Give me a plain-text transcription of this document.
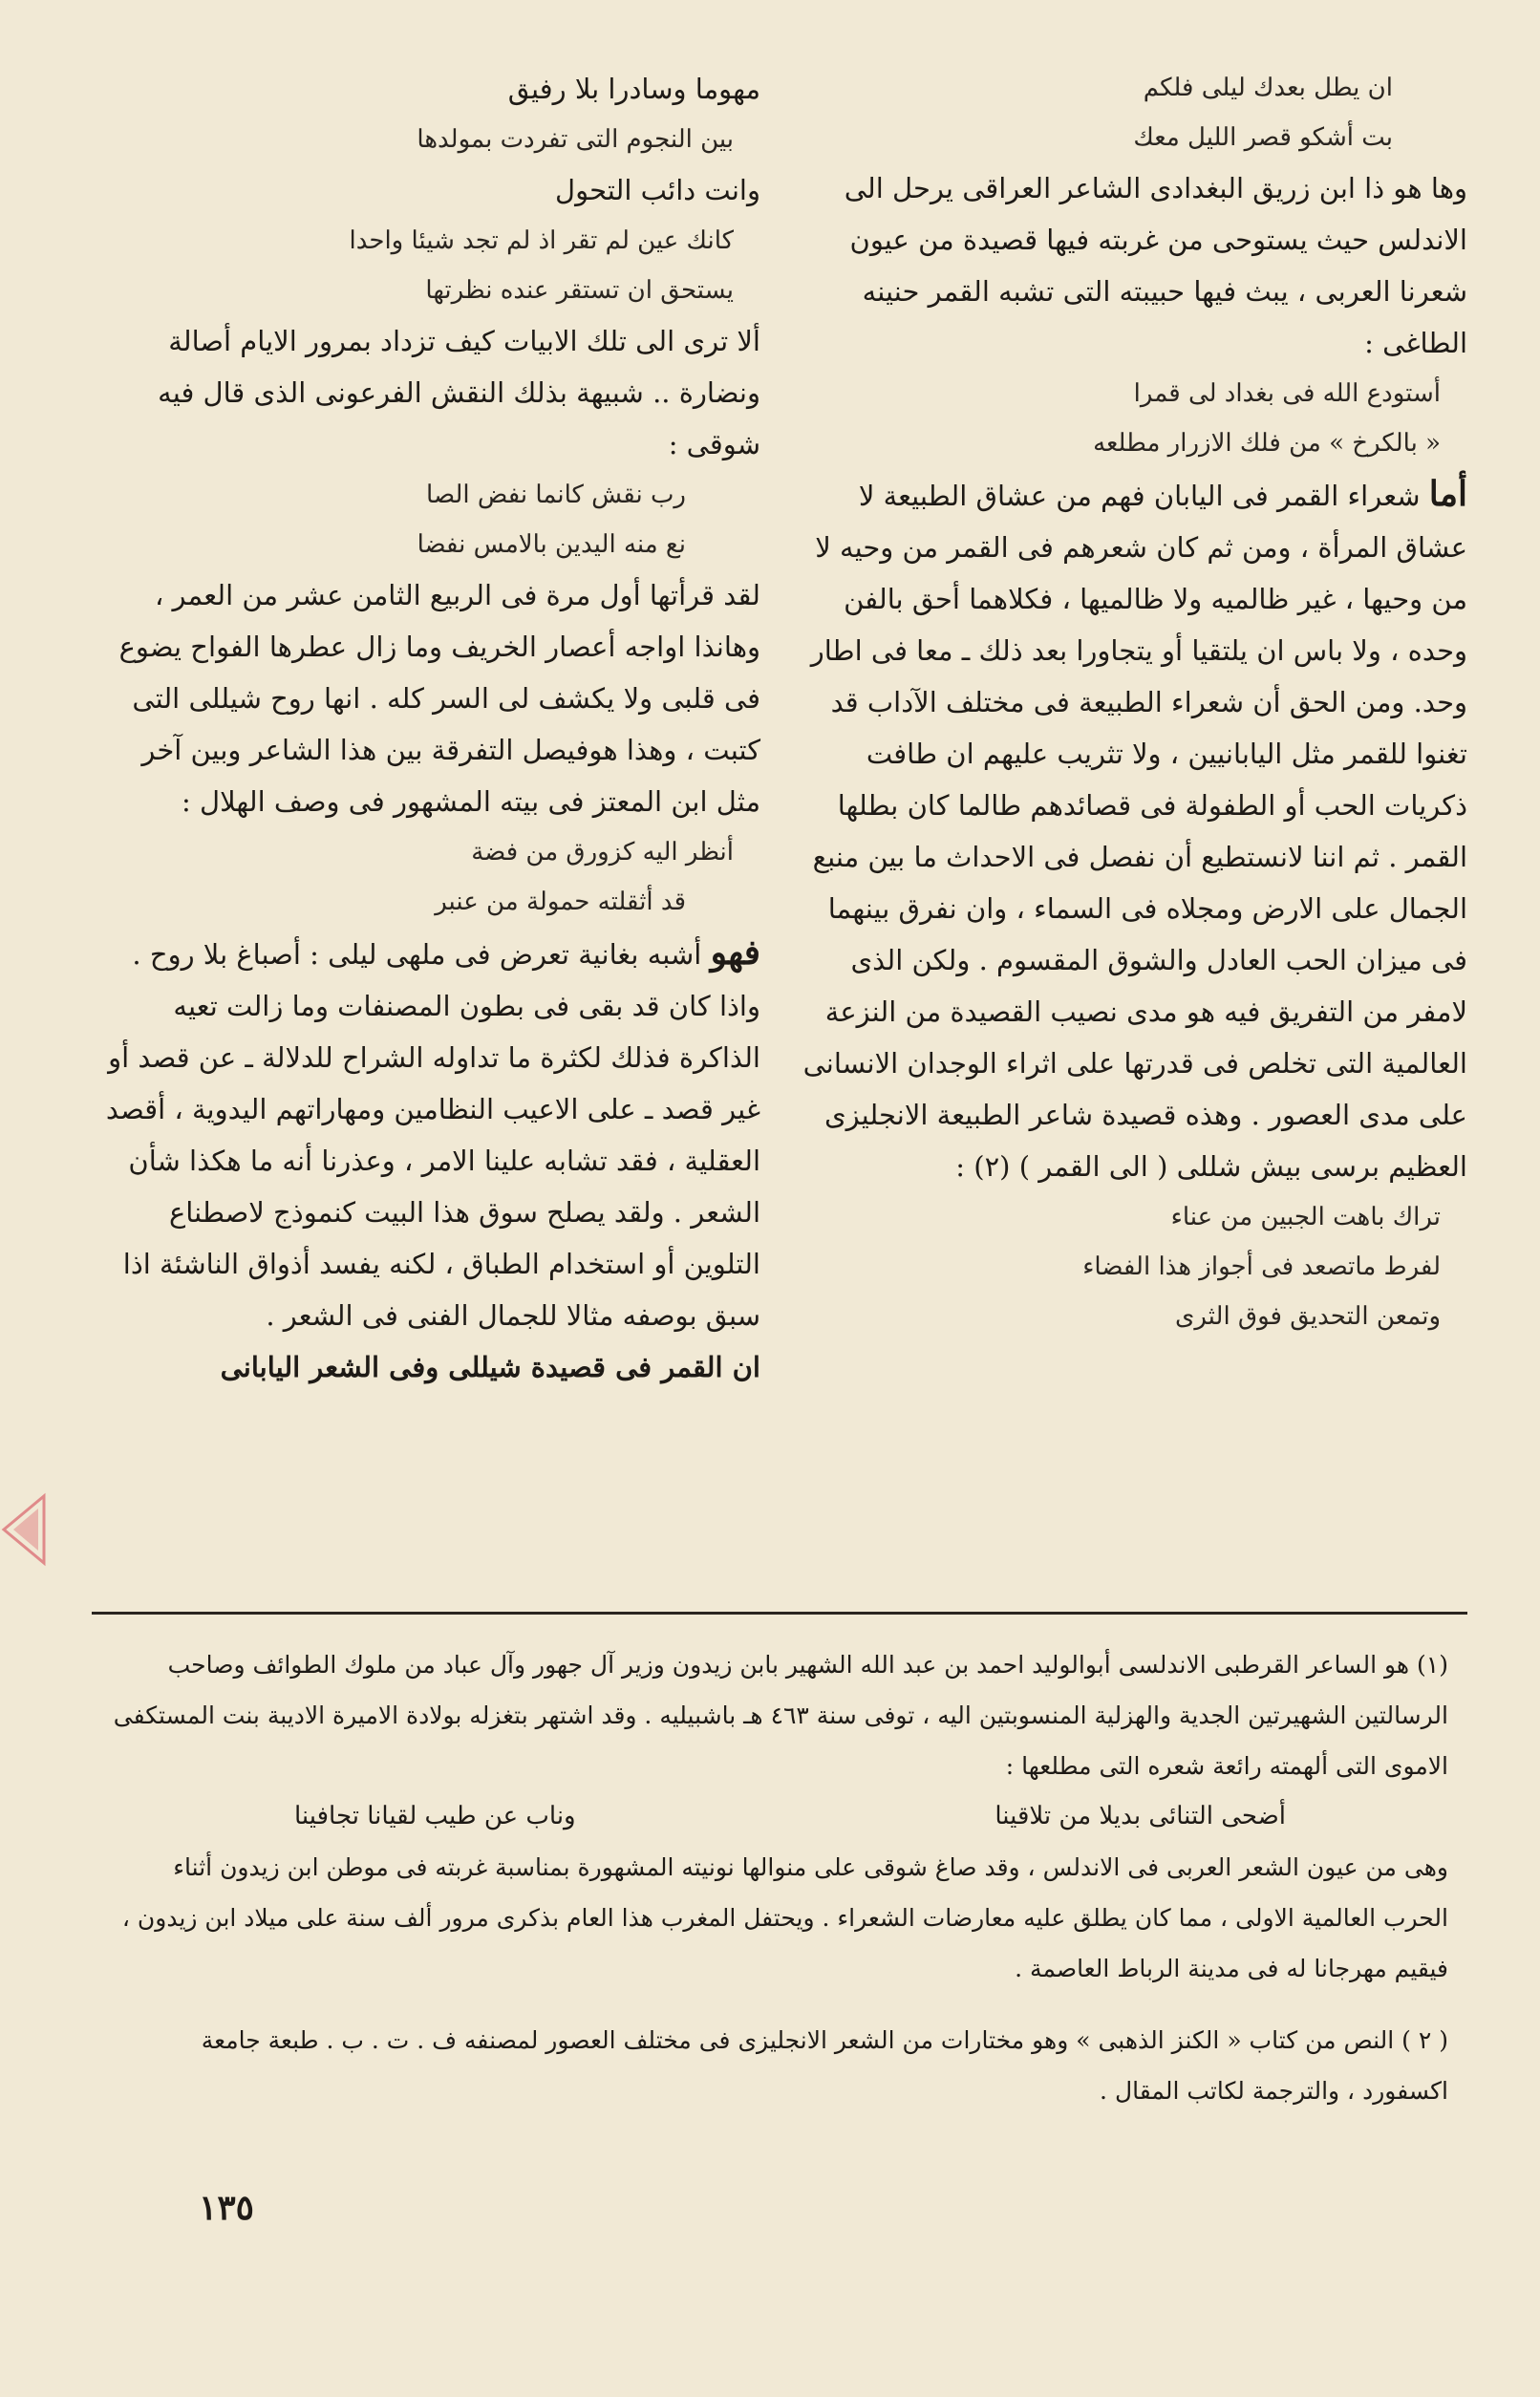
ان يطل بعدك ليلى فلكم

بت أشكو قصر الليل معك

وها هو ذا ابن زريق البغدادى الشاعر العراقى يرحل الى الاندلس حيث يستوحى من غربته فيها قصيدة من عيون شعرنا العربى ، يبث فيها حبيبته التى تشبه القمر حنينه الطاغى :

أستودع الله فى بغداد لى قمرا

« بالكرخ » من فلك الازرار مطلعه

أما شعراء القمر فى اليابان فهم من عشاق الطبيعة لا عشاق المرأة ، ومن ثم كان شعرهم فى القمر من وحيه لا من وحيها ، غير ظالميه ولا ظالميها ، فكلاهما أحق بالفن وحده ، ولا باس ان يلتقيا أو يتجاورا بعد ذلك ـ معا فى اطار وحد. ومن الحق أن شعراء الطبيعة فى مختلف الآداب قد تغنوا للقمر مثل اليابانيين ، ولا تثريب عليهم ان طافت ذكريات الحب أو الطفولة فى قصائدهم طالما كان بطلها القمر . ثم اننا لانستطيع أن نفصل فى الاحداث ما بين منبع الجمال على الارض ومجلاه فى السماء ، وان نفرق بينهما فى ميزان الحب العادل والشوق المقسوم . ولكن الذى لامفر من التفريق فيه هو مدى نصيب القصيدة من النزعة العالمية التى تخلص فى قدرتها على اثراء الوجدان الانسانى على مدى العصور . وهذه قصيدة شاعر الطبيعة الانجليزى العظيم برسى بيش شللى ( الى القمر ) (٢) :

تراك باهت الجبين من عناء

لفرط ماتصعد فى أجواز هذا الفضاء

وتمعن التحديق فوق الثرى

مهوما وسادرا بلا رفيق

بين النجوم التى تفردت بمولدها

وانت دائب التحول

كانك عين لم تقر اذ لم تجد شيئا واحدا

يستحق ان تستقر عنده نظرتها

ألا ترى الى تلك الابيات كيف تزداد بمرور الايام أصالة ونضارة .. شبيهة بذلك النقش الفرعونى الذى قال فيه شوقى :

رب نقش كانما نفض الصا

نع منه اليدين بالامس نفضا

لقد قرأتها أول مرة فى الربيع الثامن عشر من العمر ، وهانذا اواجه أعصار الخريف وما زال عطرها الفواح يضوع فى قلبى ولا يكشف لى السر كله . انها روح شيللى التى كتبت ، وهذا هوفيصل التفرقة بين هذا الشاعر وبين آخر مثل ابن المعتز فى بيته المشهور فى وصف الهلال :

أنظر اليه كزورق من فضة

قد أثقلته حمولة من عنبر

فهو أشبه بغانية تعرض فى ملهى ليلى : أصباغ بلا روح . واذا كان قد بقى فى بطون المصنفات وما زالت تعيه الذاكرة فذلك لكثرة ما تداوله الشراح للدلالة ـ عن قصد أو غير قصد ـ على الاعيب النظامين ومهاراتهم اليدوية ، أقصد العقلية ، فقد تشابه علينا الامر ، وعذرنا أنه ما هكذا شأن الشعر . ولقد يصلح سوق هذا البيت كنموذج لاصطناع التلوين أو استخدام الطباق ، لكنه يفسد أذواق الناشئة اذا سبق بوصفه مثالا للجمال الفنى فى الشعر .

ان القمر فى قصيدة شيللى وفى الشعر اليابانى

(١) هو الساعر القرطبى الاندلسى أبوالوليد احمد بن عبد الله الشهير بابن زيدون وزير آل جهور وآل عباد من ملوك الطوائف وصاحب الرسالتين الشهيرتين الجدية والهزلية المنسوبتين اليه ، توفى سنة ٤٦٣ هـ باشبيليه . وقد اشتهر بتغزله بولادة الاميرة الاديبة بنت المستكفى الاموى التى ألهمته رائعة شعره التى مطلعها :

أضحى التنائى بديلا من تلاقينا
وناب عن طيب لقيانا تجافينا

وهى من عيون الشعر العربى فى الاندلس ، وقد صاغ شوقى على منوالها نونيته المشهورة بمناسبة غربته فى موطن ابن زيدون أثناء الحرب العالمية الاولى ، مما كان يطلق عليه معارضات الشعراء . ويحتفل المغرب هذا العام بذكرى مرور ألف سنة على ميلاد ابن زيدون ، فيقيم مهرجانا له فى مدينة الرباط العاصمة .

( ٢ ) النص من كتاب « الكنز الذهبى » وهو مختارات من الشعر الانجليزى فى مختلف العصور لمصنفه ف . ت . ب . طبعة جامعة اكسفورد ، والترجمة لكاتب المقال .

١٣٥
